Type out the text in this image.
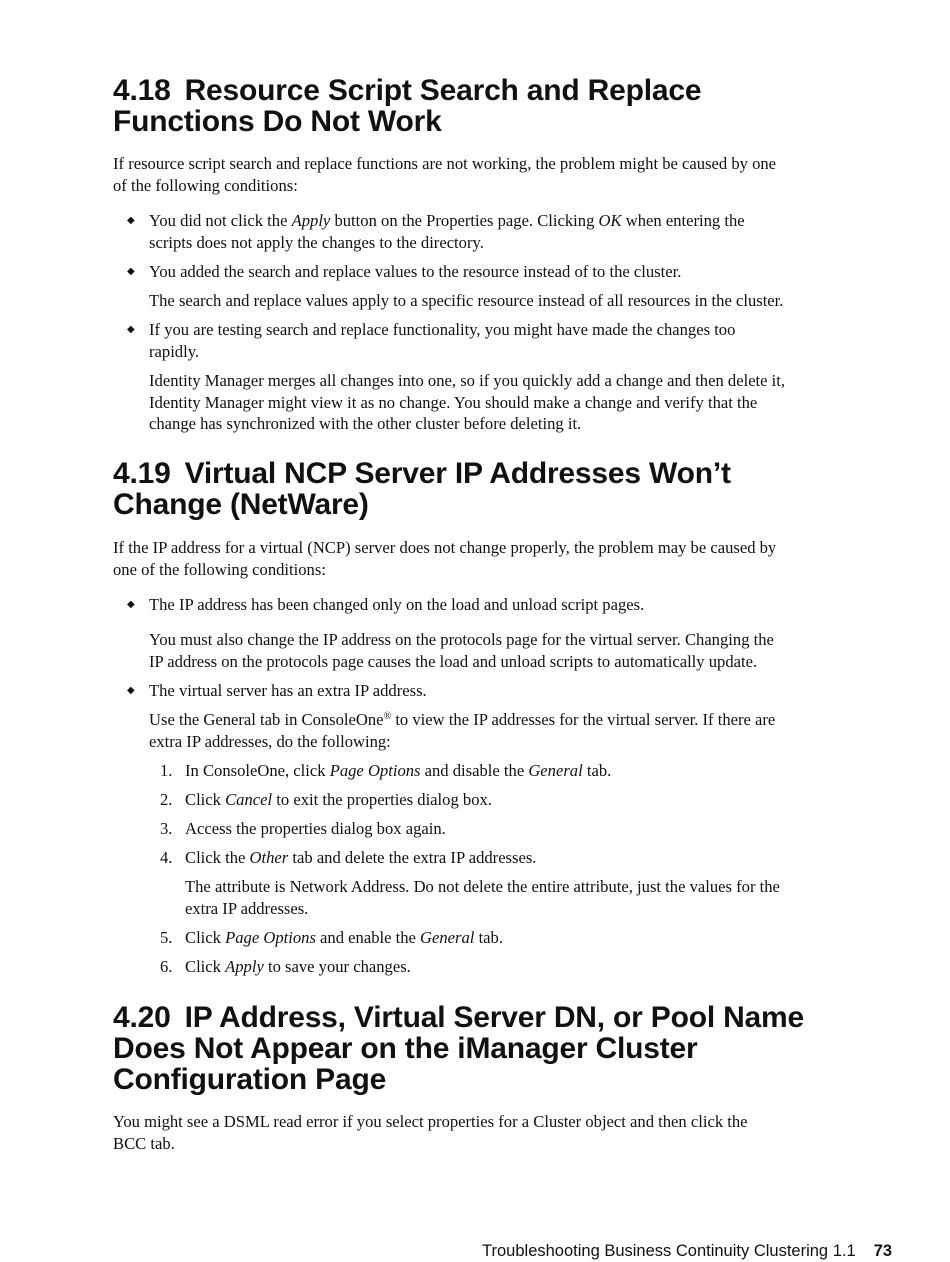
4.18 Resource Script Search and Replace
Functions Do Not Work

If resource script search and replace functions are not working, the problem might be caused by one
of the following conditions:

◆ You did not click the Apply button on the Properties page. Clicking OK when entering the
scripts does not apply the changes to the directory.

◆ You added the search and replace values to the resource instead of to the cluster.

The search and replace values apply to a specific resource instead of all resources in the cluster.

◆ If you are testing search and replace functionality, you might have made the changes too
rapidly.

Identity Manager merges all changes into one, so if you quickly add a change and then delete it,
Identity Manager might view it as no change. You should make a change and verify that the
change has synchronized with the other cluster before deleting it.

4.19 Virtual NCP Server IP Addresses Won’t
Change (NetWare)

If the IP address for a virtual (NCP) server does not change properly, the problem may be caused by
one of the following conditions:

◆ The IP address has been changed only on the load and unload script pages.

You must also change the IP address on the protocols page for the virtual server. Changing the
IP address on the protocols page causes the load and unload scripts to automatically update.

◆ The virtual server has an extra IP address.

Use the General tab in ConsoleOne® to view the IP addresses for the virtual server. If there are
extra IP addresses, do the following:

1. In ConsoleOne, click Page Options and disable the General tab.

2. Click Cancel to exit the properties dialog box.

3. Access the properties dialog box again.

4. Click the Other tab and delete the extra IP addresses.

The attribute is Network Address. Do not delete the entire attribute, just the values for the
extra IP addresses.

5. Click Page Options and enable the General tab.

6. Click Apply to save your changes.

4.20 IP Address, Virtual Server DN, or Pool Name
Does Not Appear on the iManager Cluster
Configuration Page

You might see a DSML read error if you select properties for a Cluster object and then click the
BCC tab.

Troubleshooting Business Continuity Clustering 1.1 73
